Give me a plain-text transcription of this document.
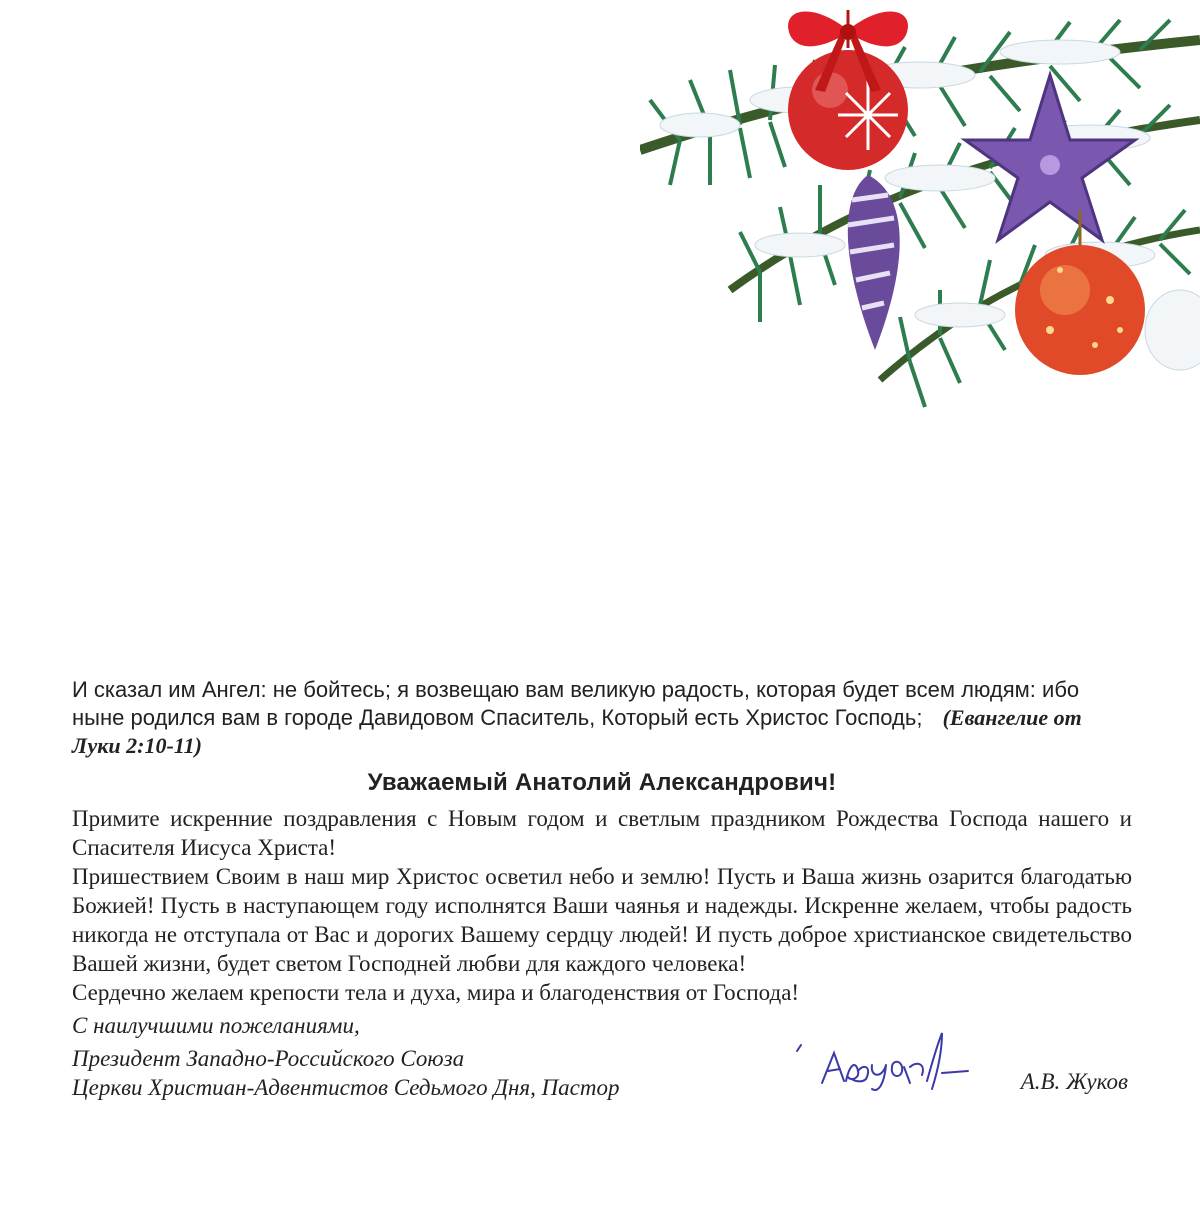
И сказал им Ангел: не бойтесь; я возвещаю вам великую радость, которая будет всем людям: ибо ныне родился вам в городе Давидовом Спаситель, Который есть Христос Господь; (Евангелие от Луки 2:10-11)

Уважаемый Анатолий Александрович!

Примите искренние поздравления с Новым годом и светлым праздником Рождества Господа нашего и Спасителя Иисуса Христа!

Пришествием Своим в наш мир Христос осветил небо и землю! Пусть и Ваша жизнь озарится благодатью Божией! Пусть в наступающем году исполнятся Ваши чаянья и надежды. Искренне желаем, чтобы радость никогда не отступала от Вас и дорогих Вашему сердцу людей! И пусть доброе христианское свидетельство Вашей жизни, будет светом Господней любви для каждого человека!

Сердечно желаем крепости тела и духа, мира и благоденствия от Господа!

С наилучшими пожеланиями,

Президент Западно-Российского Союза

Церкви Христиан-Адвентистов Седьмого Дня, Пастор	А.В. Жуков
